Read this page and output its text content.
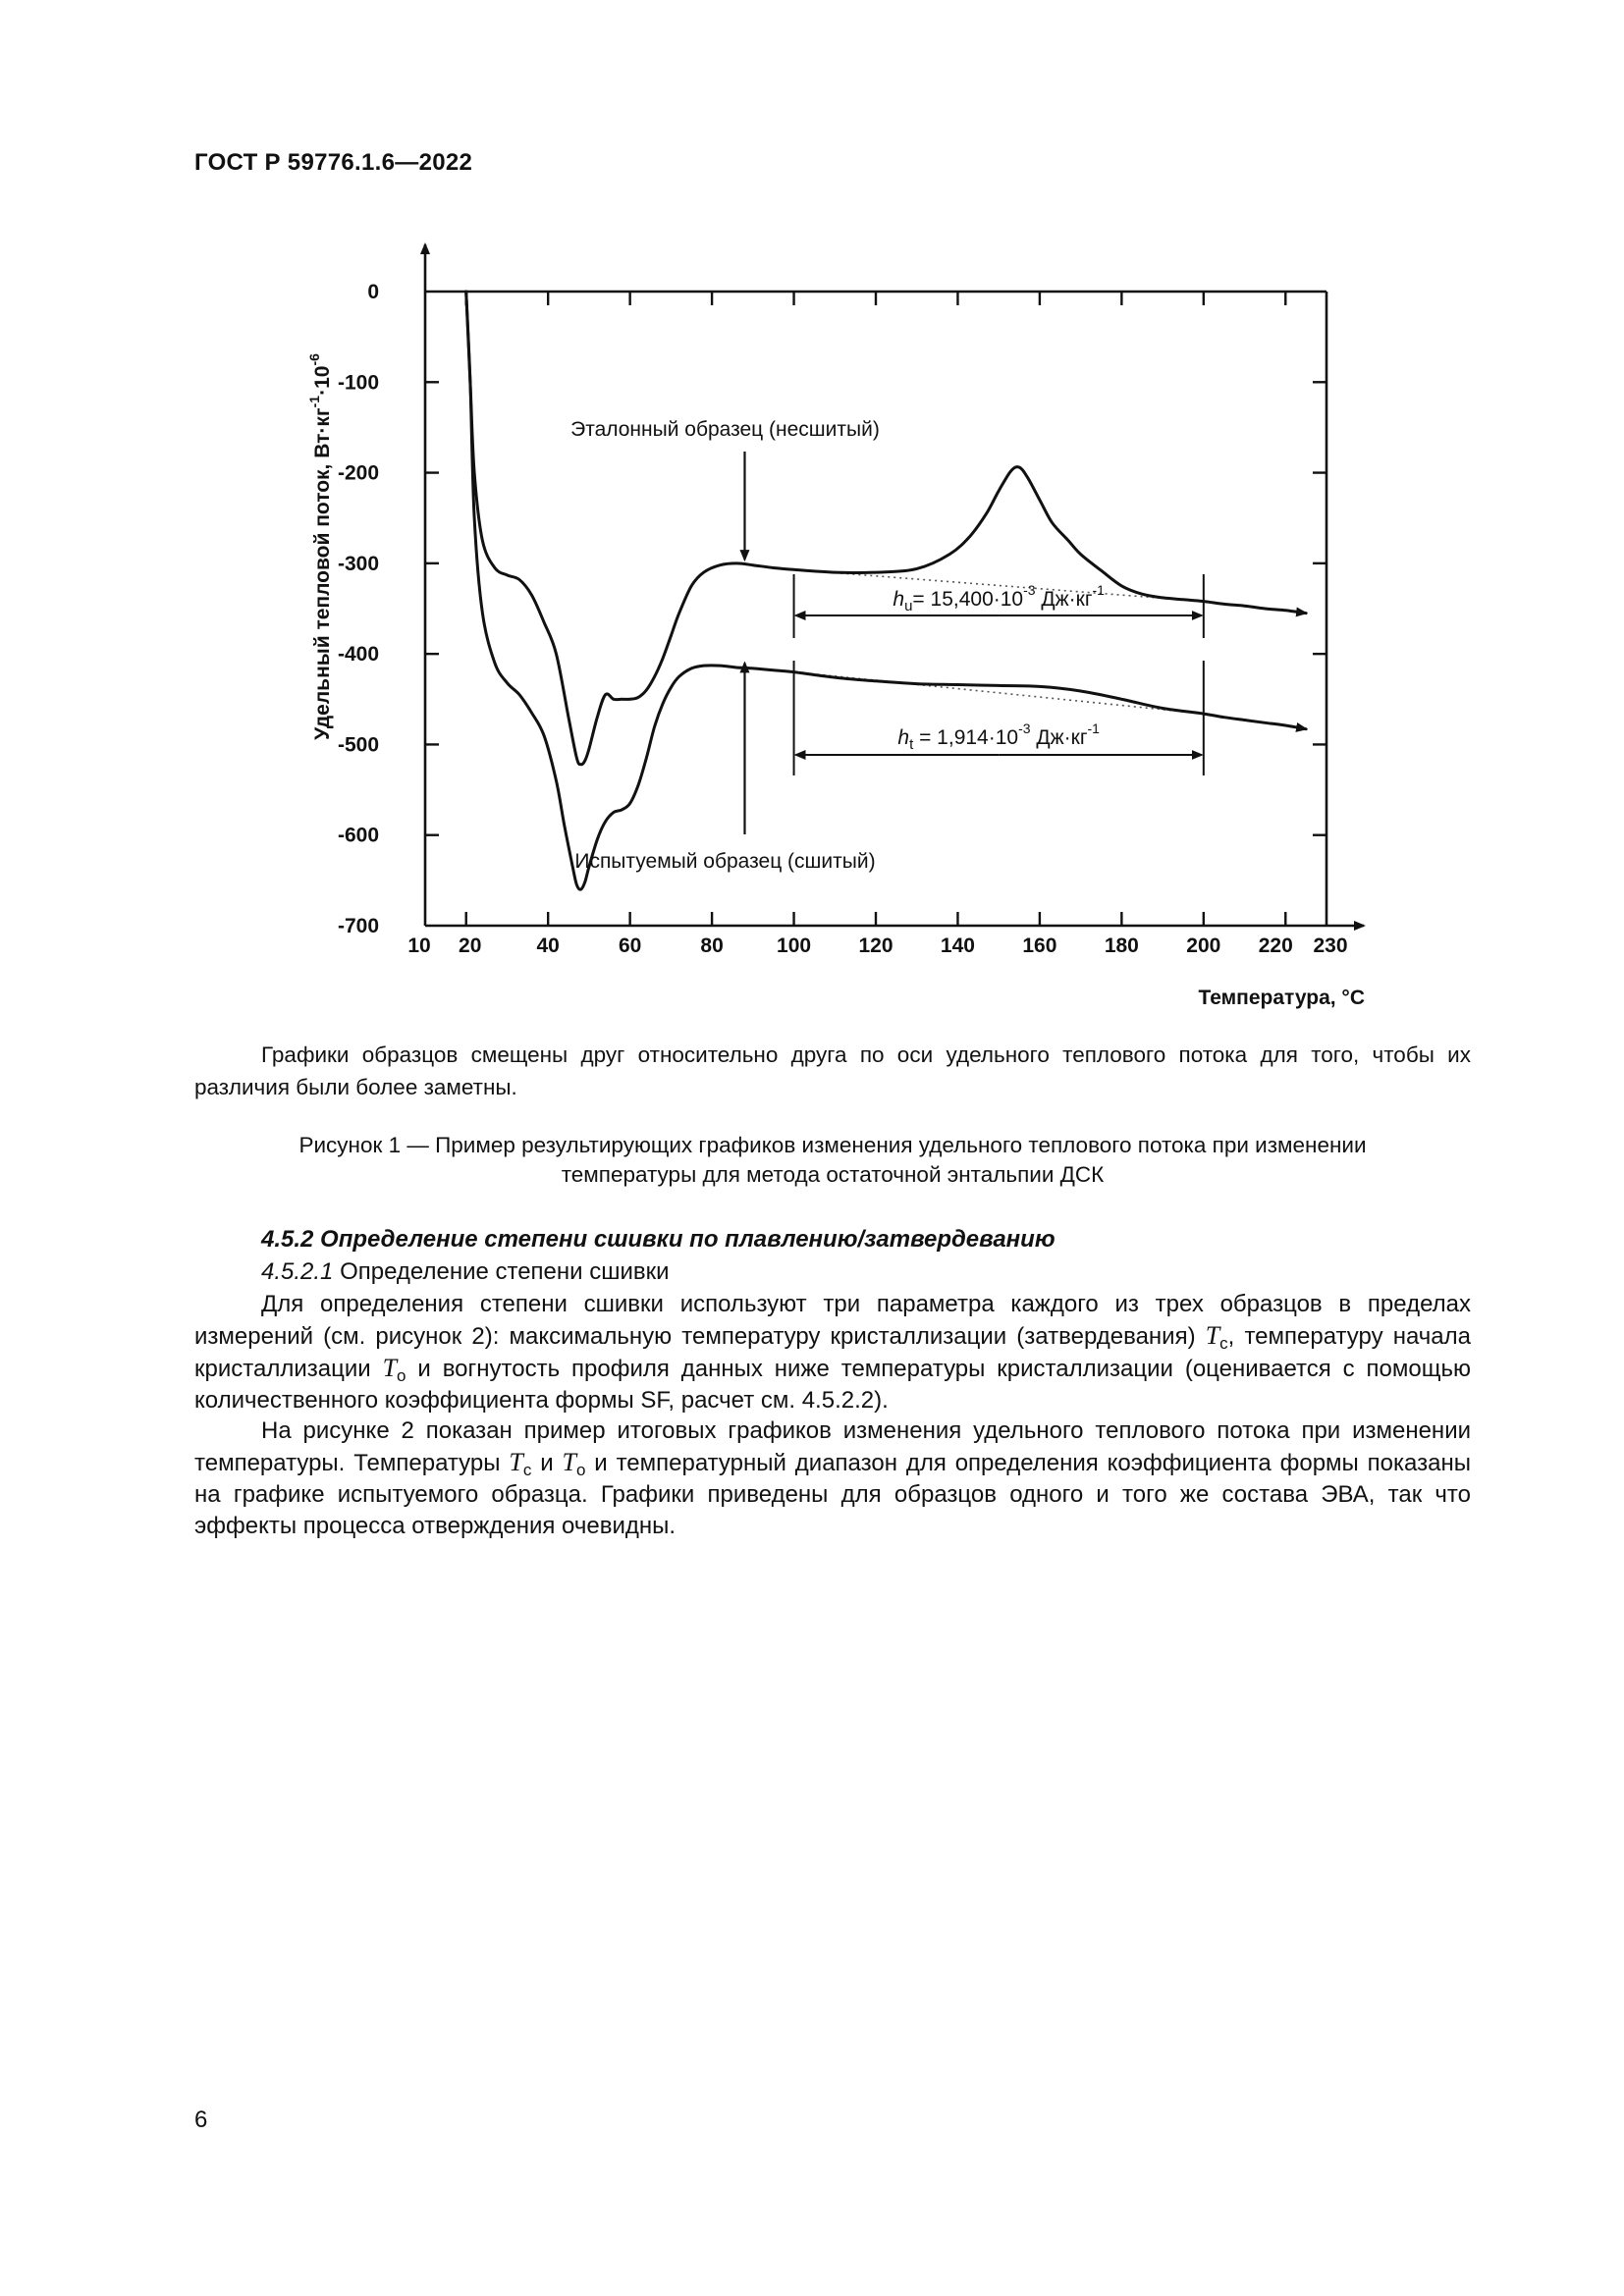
ГОСТ Р 59776.1.6—2022
10 20	40	60	80	100 120 140 160 180 200 220 230
0
-100
-200
-300
-400
-500
-600
-700
Эталонный образец (несшитый)
Испытуемый образец (сшитый)
$h_u= 15,400\cdot 10^{-3}$ $Дж\cdot кг^{-1}$
$h_t = 1,914\cdot 10^{-3}$ $Дж\cdot кг^{-1}$
Температура, °C
Удельный тепловой поток, $Вт\cdot кг^{-1}\cdot 10^{-6}$
Графики образцов смещены друг относительно друга по оси удельного теплового потока для того, чтобы их различия были более заметны.
Рисунок 1 — Пример результирующих графиков изменения удельного теплового потока при изменении
температуры для метода остаточной энтальпии ДСК
4.5.2 Определение степени сшивки по плавлению/затвердеванию
4.5.2.1 Определение степени сшивки

Для определения степени сшивки используют три параметра каждого из трех образцов в пределах измерений (см. рисунок 2): максимальную температуру кристаллизации (затвердевания) $T_c$, температуру начала кристаллизации $T_o$ и вогнутость профиля данных ниже температуры кристаллизации (оценивается с помощью количественного коэффициента формы SF, расчет см. 4.5.2.2).

На рисунке 2 показан пример итоговых графиков изменения удельного теплового потока при изменении температуры. Температуры $T_c$ и $T_o$ и температурный диапазон для определения коэффициента формы показаны на графике испытуемого образца. Графики приведены для образцов одного и того же состава ЭВА, так что эффекты процесса отверждения очевидны.

6
